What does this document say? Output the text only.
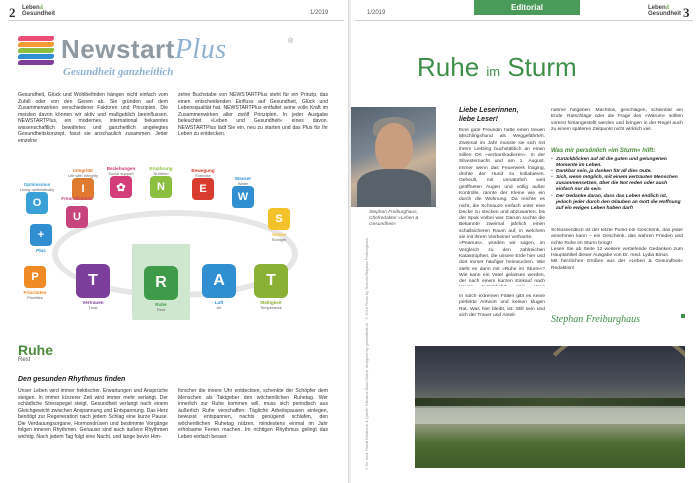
2 Leben&
Gesundheit	1/2019
NewstartPlus	®
Gesundheit ganzheitlich
Gesundheit, Glück und Wohlbefinden hängen nicht einfach vom Zufall oder von den Genen ab. Sie gründen auf dem Zusammenwirken verschiedener Faktoren und Prinzipien. Die meisten davon können wir aktiv und maßgeblich beeinflussen. NEWSTARTPlus, ein modernes, international bekanntes wissenschaftlich bewährtes und ganzheitlich angelegtes Gesundheitskonzept, fasst sie anschaulich zusammen. Jeder einzelne
zelne Buchstabe von NEWSTARTPlus steht für ein Prinzip, das einen entscheidenden Einfluss auf Gesundheit, Glück und Lebensqualität hat. NEWSTARTPlus entfaltet seine volle Kraft im Zusammenwirken aller zwölf Prinzipien. In jeder Ausgabe beleuchtet »Leben und Gesundheit« eines davon. NEWSTARTPlus lädt Sie ein, neu zu starten und das Plus für Ihr Leben zu entdecken.
I
Integrität
Life with Integrity
✿
Beziehungen
Social support
N
Ernährung
Nutrition
E
Bewegung
Exercise
W
Wasser
Water
O
Optimismus
Living optimistically
S
Sonne
Sunlight
+
Plus
U
Freundlichkeit
P
Prioritäten
Priorities
T
Vertrauen
Trust
R
Ruhe
Rest
A
Luft
Air
T
Mäßigkeit
Temperance
Ruhe
Rest
Den gesunden Rhythmus finden
Unser Leben wird immer hektischer. Erwartungen und Ansprüche steigen. In immer kürzerer Zeit wird immer mehr verlangt. Der schädliche Stresspegel steigt. Gesundheit verlangt nach einem Gleichgewicht zwischen Anspannung und Entspannung. Das Herz benötigt zur Regeneration nach jedem Schlag eine kurze Pause. Die Verdauungsorgane, Hormondrüsen und bestimmte Vorgänge folgen inneren Rhythmen. Genauso sind auch äußere Rhythmen wichtig. Nach jedem Tag folgt eine Nacht, und lange bevor Him-
forscher die innere Uhr entdeckten, schenkte der Schöpfer dem Menschen als Taktgeber den wöchentlichen Ruhetag. Wer innerlich zur Ruhe kommen will, muss sich periodisch aus äußerlich Ruhe verschaffen: Tägliche Arbeitspausen einlegen, bewusst entspannen, nachts genügend schlafen, den wöchentlichen Ruhetag nützen, mindestens einmal im Jahr erholsame Ferien machen. Im richtigen Rhythmus gelingt das Leben einfach besser.
1/2019
Editorial	Leben&
Gesundheit 3
Ruhe im Sturm
Stephan Freiburghaus, Chefredaktor »Leben & Gesundheit«
Liebe Leserinnen,
liebe Leser!
Eine gute Freundin hatte einen treuen Mischlingshund als Weggefährten. Zweimal im Jahr musste sie sich mit ihrem Liebling buchstäblich an einen stillen Ort »verbarrikadieren«. In der Silvesternacht und am 1. August. Immer wenn das Feuerwerk losging, drohte der Hund zu kollabieren. Geheult, mit unnatürlich weit geöffneten Augen und völlig außer Kontrolle, rannte der Kleine wie ein durch die Wohnung. Da reichte es nicht, die Schnauze einfach unter eine Decke zu stecken und abzuwarten, bis der Spuk vorbei war. Darum suchte die Bekannte zweimal jährlich einen schallsicheren Raum auf, in welchem sie mit ihrem Vierbeiner verharrte.
»Peanuts«, würden wir sagen, im Vergleich zu den zahlreichen Katastrophen, die unsere Erde hier und dort immer häufiger heimsuchen. Wie steht es dann mit »Ruhe im Sturm«? Wie kann ein Vater gelassen werden, der nach einem kurzen Einkauf nach
In solch extremen Fällen gibt es keine perfekte Antwort und keinen klugen Rat. Was hier bleibt, ist: Still sein und sich der Trauer und Anteil-
nahme hingeben. Machtlos, geschlagen, scheinbar am Ende. Ratschläge oder die Frage des »Warum« sollten vorerst hintangestellt werden und bringen in der Regel auch zu einem späteren Zeitpunkt nicht wirklich viel.
Was mir persönlich »im Sturm« hilft:
• Zurückblicken auf all die guten und gelungenen Momente im Leben.
• Dankbar sein, ja danken für all dies Gute.
• Sich, wenn möglich, mit einem vertrauten Menschen zusammensetzen, über die Not reden oder auch einfach nur da sein.
• Der Gedanke daran, dass das Leben endlich ist, jedoch jeder durch den Glauben an Gott die Hoffnung auf ein ewiges Leben haben darf!
Schlussendlich ist der letzte Punkt ein Geschenk, das jeder annehmen kann – ein Geschenk, das wahren Frieden und echte Ruhe im Sturm bringt!
Lesen Sie ab Seite 12 weitere vertiefende Gedanken zum Hauptartikel dieser Ausgabe von Dr. med. Lydia Binus.
Mit herzlichen Grüßen aus der »Leben & Gesundheit« Redaktion!
Stephan Freiburghaus
© Dr. med. Ruedi Brodbeck & Quelle: Nikolaus Blum/Zürich, designed by gesundheit.ch · © 2018 Photo by Thomas/Stephan Freiburghaus
